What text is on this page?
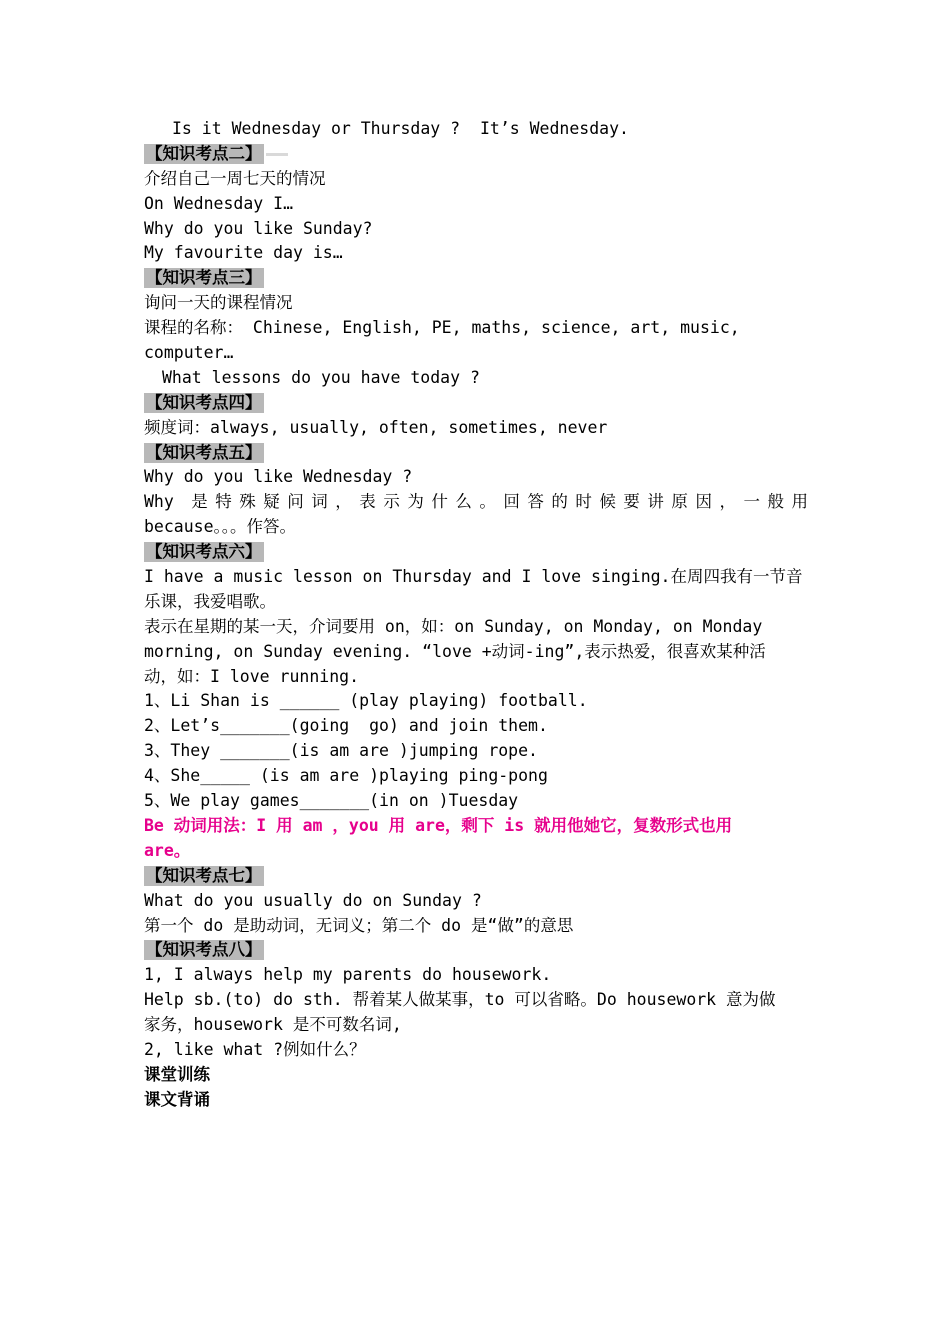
Is it Wednesday or Thursday ?  It’s Wednesday.
【知识考点二】
介绍自己一周七天的情况
On Wednesday I…
Why do you like Sunday?
My favourite day is…
【知识考点三】
询问一天的课程情况
课程的名称： Chinese, English, PE, maths, science, art, music,
computer…
What lessons do you have today ?
【知识考点四】
频度词：always, usually, often, sometimes, never
【知识考点五】
Why do you like Wednesday ?
Why 是特殊疑问词，表示为什么。回答的时候要讲原因，一般用
because。。。作答。
【知识考点六】
I have a music lesson on Thursday and I love singing.在周四我有一节音
乐课，我爱唱歌。
表示在星期的某一天，介词要用 on，如：on Sunday, on Monday, on Monday
morning, on Sunday evening. “love +动词-ing”,表示热爱，很喜欢某种活
动，如：I love running.
1、Li Shan is ______ (play playing) football.
2、Let’s_______(going  go) and join them.
3、They _______(is am are )jumping rope.
4、She_____ (is am are )playing ping-pong
5、We play games_______(in on )Tuesday
Be 动词用法：I 用 am ，you 用 are，剩下 is 就用他她它，复数形式也用
are。
【知识考点七】
What do you usually do on Sunday ?
第一个 do 是助动词，无词义；第二个 do 是“做”的意思
【知识考点八】
1, I always help my parents do housework.
Help sb.(to) do sth. 帮着某人做某事，to 可以省略。Do housework 意为做
家务，housework 是不可数名词,
2, like what ?例如什么？
课堂训练
课文背诵
